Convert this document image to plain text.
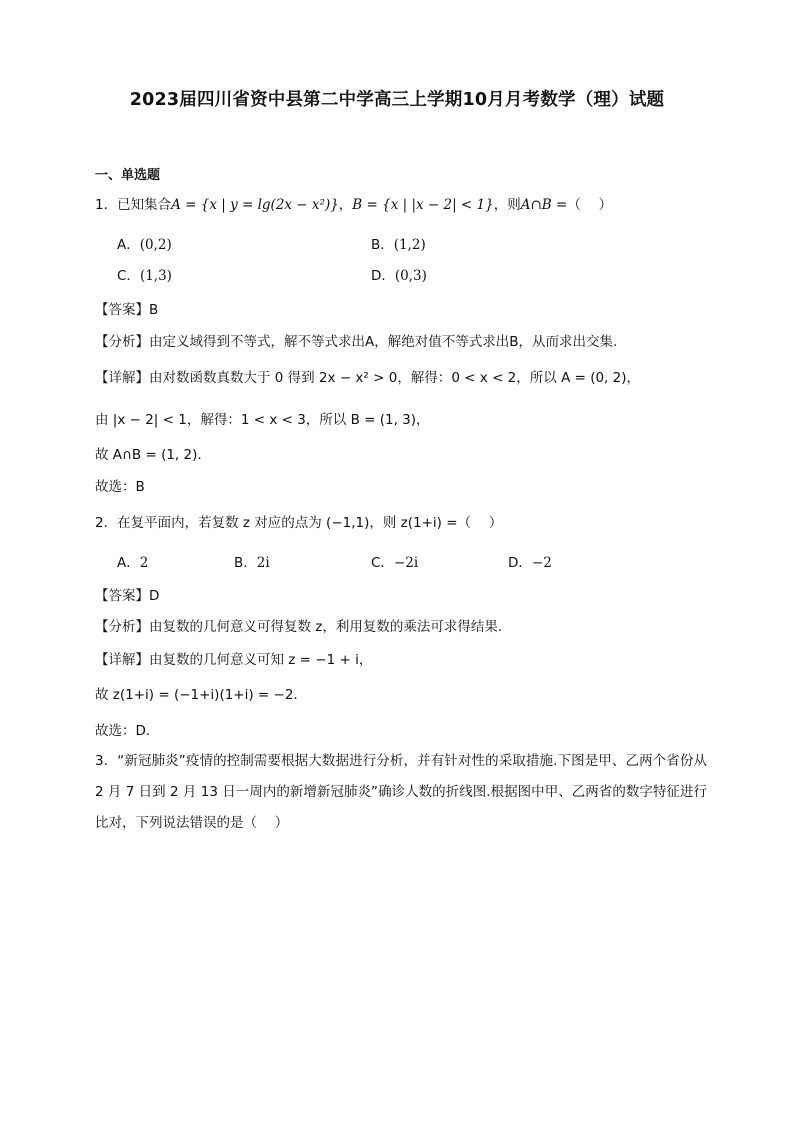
2023届四川省资中县第二中学高三上学期10月月考数学（理）试题
一、单选题
1．已知集合A = {x | y = lg(2x − x²)}，B = {x | |x − 2| < 1}，则A∩B =（　 ）
A．(0,2)	B．(1,2)
C．(1,3)	D．(0,3)
【答案】B
【分析】由定义域得到不等式，解不等式求出A，解绝对值不等式求出B，从而求出交集.
【详解】由对数函数真数大于 0 得到 2x − x² > 0，解得：0 < x < 2，所以 A = (0, 2)，
由 |x − 2| < 1，解得：1 < x < 3，所以 B = (1, 3)，
故 A∩B = (1, 2).
故选：B
2．在复平面内，若复数 z 对应的点为 (−1,1)，则 z(1+i) =（　 ）
A．2	B．2i	C．−2i	D．−2
【答案】D
【分析】由复数的几何意义可得复数 z，利用复数的乘法可求得结果.
【详解】由复数的几何意义可知 z = −1 + i，
故 z(1+i) = (−1+i)(1+i) = −2.
故选：D.
3．“新冠肺炎”疫情的控制需要根据大数据进行分析，并有针对性的采取措施.下图是甲、乙两个省份从 2 月 7 日到 2 月 13 日一周内的新增新冠肺炎”确诊人数的折线图.根据图中甲、乙两省的数字特征进行比对，下列说法错误的是（　 ）
